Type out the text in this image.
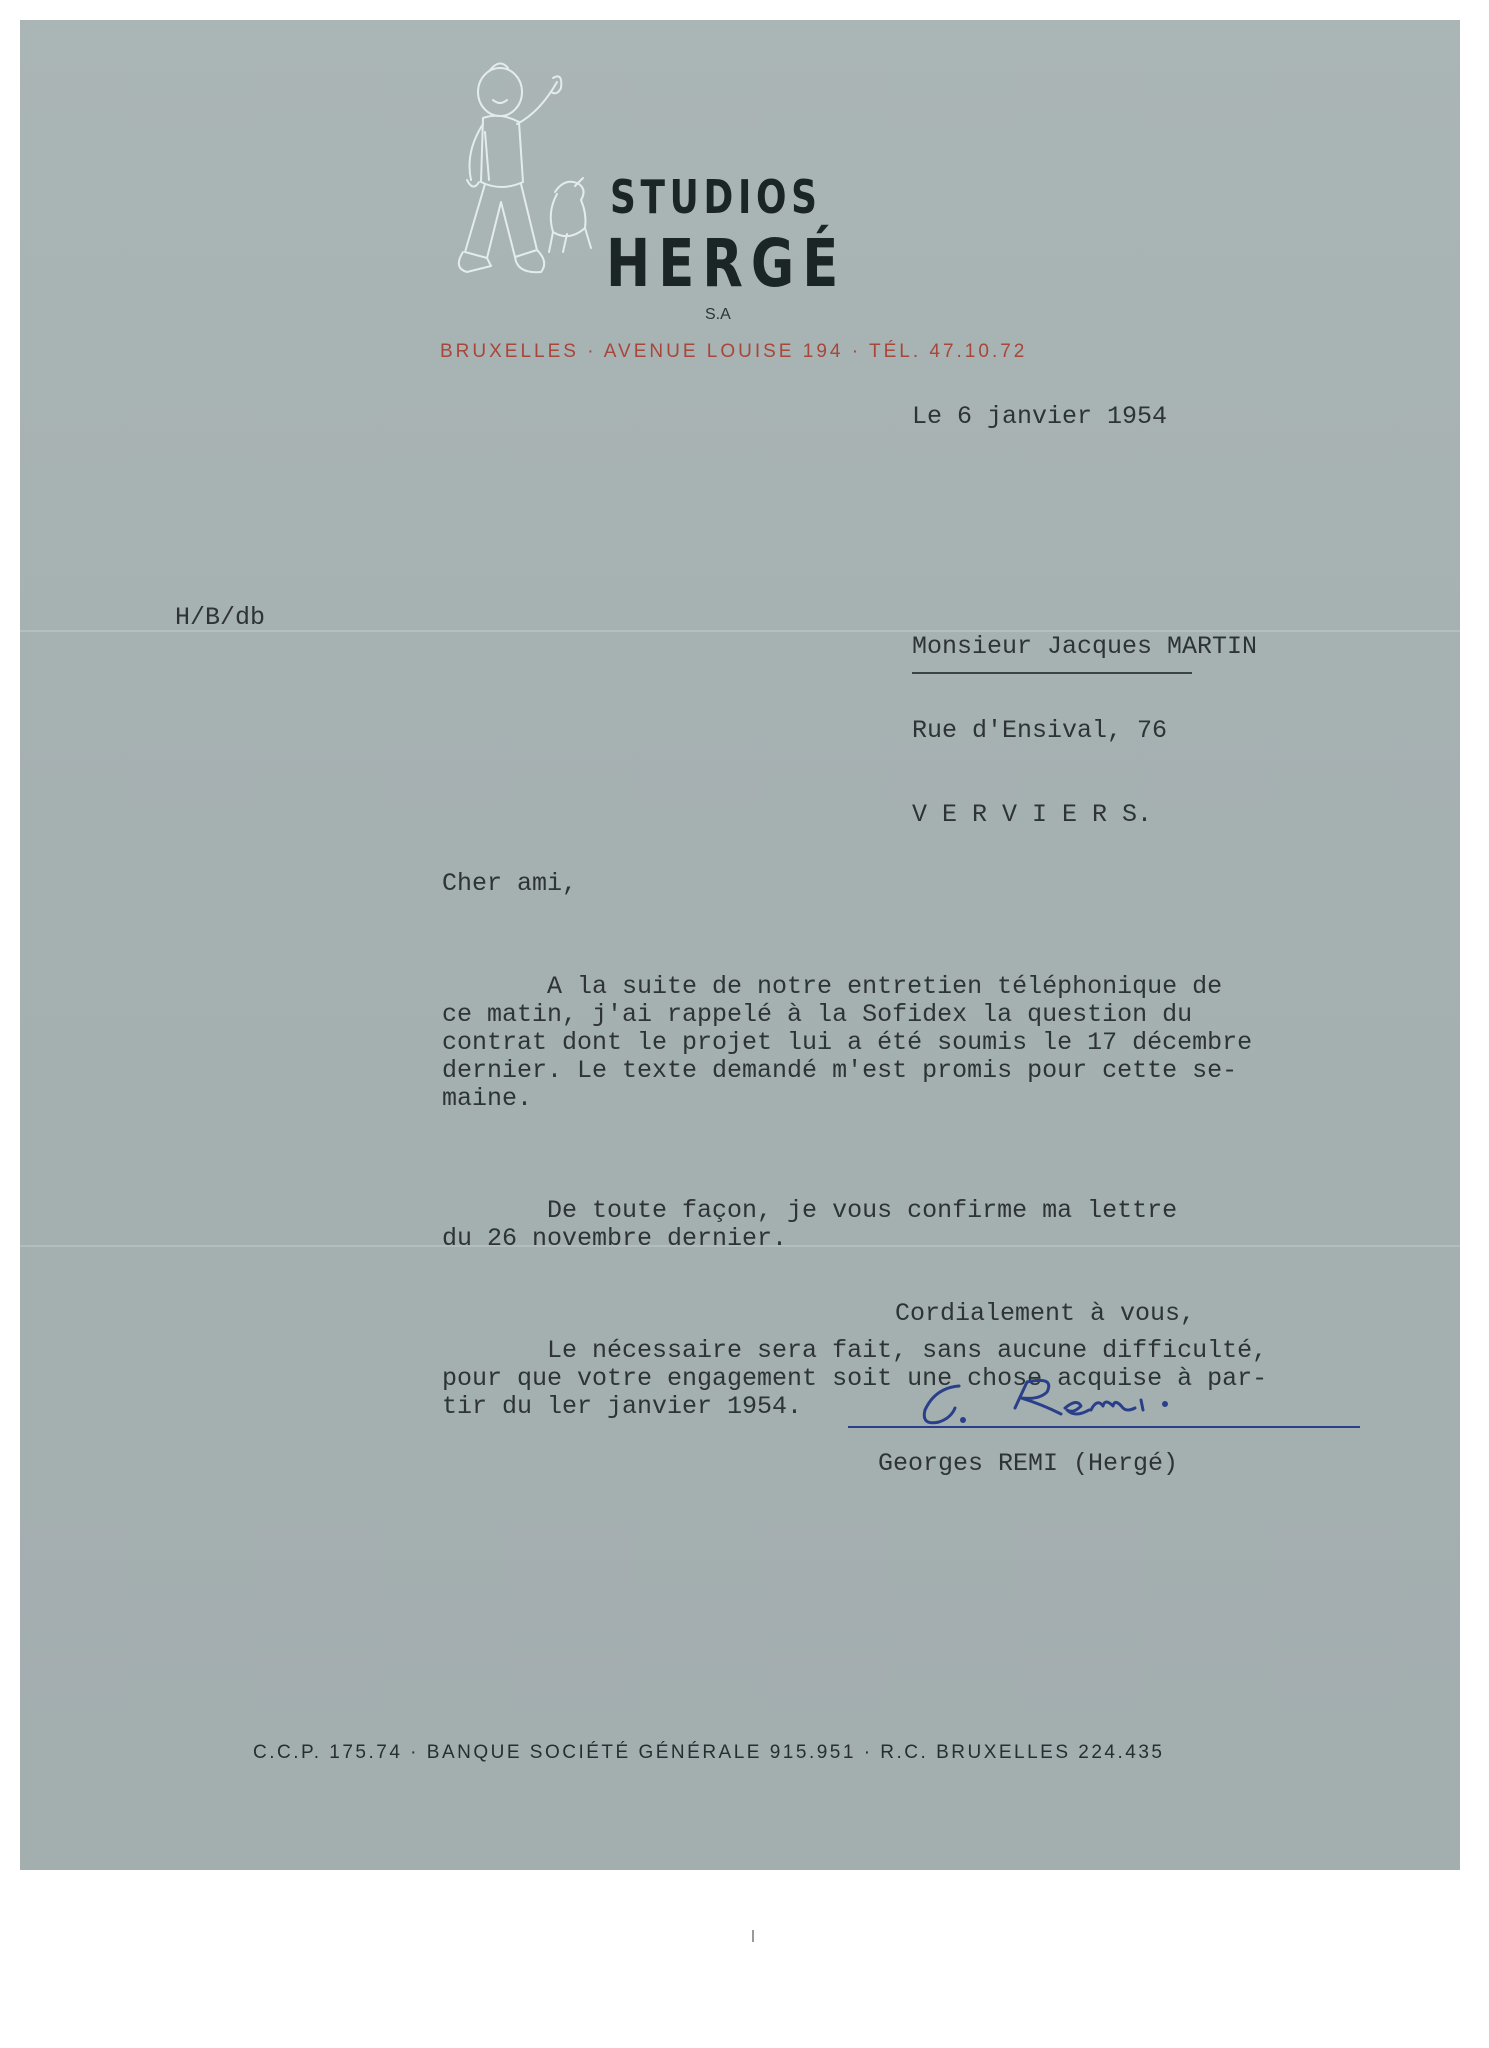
STUDIOS
HERGÉ
S.A
BRUXELLES · AVENUE LOUISE 194 · TÉL. 47.10.72
Le 6 janvier 1954
H/B/db

Monsieur Jacques MARTIN

Rue d'Ensival, 76

V E R V I E R S.

Cher ami,

A la suite de notre entretien téléphonique de
ce matin, j'ai rappelé à la Sofidex la question du
contrat dont le projet lui a été soumis le 17 décembre
dernier. Le texte demandé m'est promis pour cette se-
maine.

De toute façon, je vous confirme ma lettre
du 26 novembre dernier.

Le nécessaire sera fait, sans aucune difficulté,
pour que votre engagement soit une chose acquise à par-
tir du ler janvier 1954.

Cordialement à vous,
Georges REMI (Hergé)
C.C.P. 175.74 · BANQUE SOCIÉTÉ GÉNÉRALE 915.951 · R.C. BRUXELLES 224.435
